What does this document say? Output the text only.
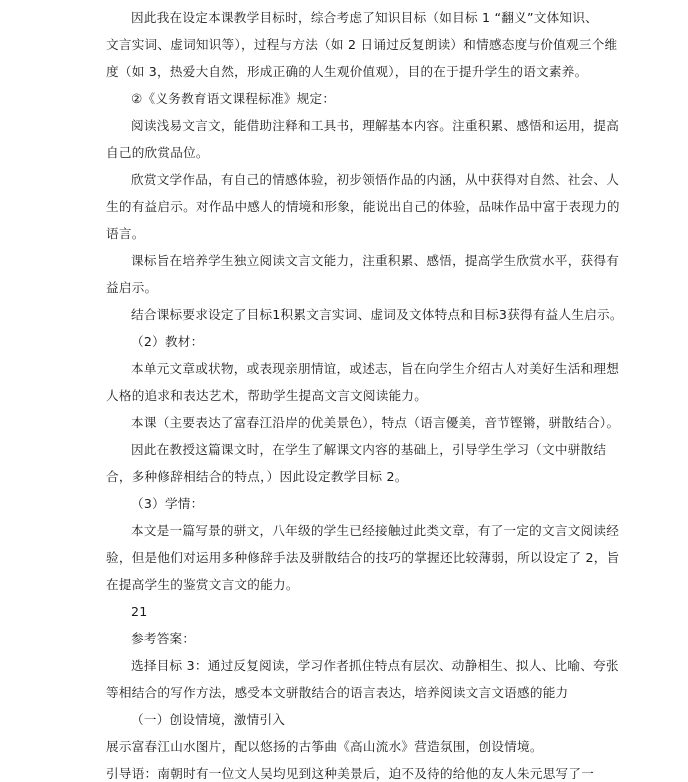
因此我在设定本课教学目标时，综合考虑了知识目标（如目标 1 “翻义”文体知识、
文言实词、虚词知识等），过程与方法（如 2 日诵过反复朗读）和情感态度与价值观三个维
度（如 3，热爱大自然，形成正确的人生观价值观），目的在于提升学生的语文素养。
②《义务教育语文课程标准》规定：
阅读浅易文言文，能借助注释和工具书，理解基本内容。注重积累、感悟和运用，提高
自己的欣赏品位。
欣赏文学作品，有自己的情感体验，初步领悟作品的内涵，从中获得对自然、社会、人
生的有益启示。对作品中感人的情境和形象，能说出自己的体验，品味作品中富于表现力的
语言。
课标旨在培养学生独立阅读文言文能力，注重积累、感悟，提高学生欣赏水平，获得有
益启示。
结合课标要求设定了目标1积累文言实词、虚词及文体特点和目标3获得有益人生启示。
（2）教材：
本单元文章或状物，或表现亲朋情谊，或述志，旨在向学生介绍古人对美好生活和理想
人格的追求和表达艺术，帮助学生提高文言文阅读能力。
本课（主要表达了富春江沿岸的优美景色），特点（语言優美，音节铿锵，骈散结合）。
因此在教授这篇课文时，在学生了解课文内容的基础上，引导学生学习（文中骈散结
合，多种修辞相结合的特点，）因此设定教学目标 2。
（3）学情：
本文是一篇写景的骈文，八年级的学生已经接触过此类文章，有了一定的文言文阅读经
验，但是他们对运用多种修辞手法及骈散结合的技巧的掌握还比较薄弱，所以设定了 2，旨
在提高学生的鉴赏文言文的能力。
21
参考答案：
选择目标 3：通过反复阅读，学习作者抓住特点有层次、动静相生、拟人、比喻、夸张
等相结合的写作方法，感受本文骈散结合的语言表达，培养阅读文言文语感的能力
（一）创设情境，激情引入
展示富春江山水图片，配以悠扬的古筝曲《高山流水》营造氛围，创设情境。
引导语：南朝时有一位文人吴均见到这种美景后，迫不及待的给他的友人朱元思写了一
